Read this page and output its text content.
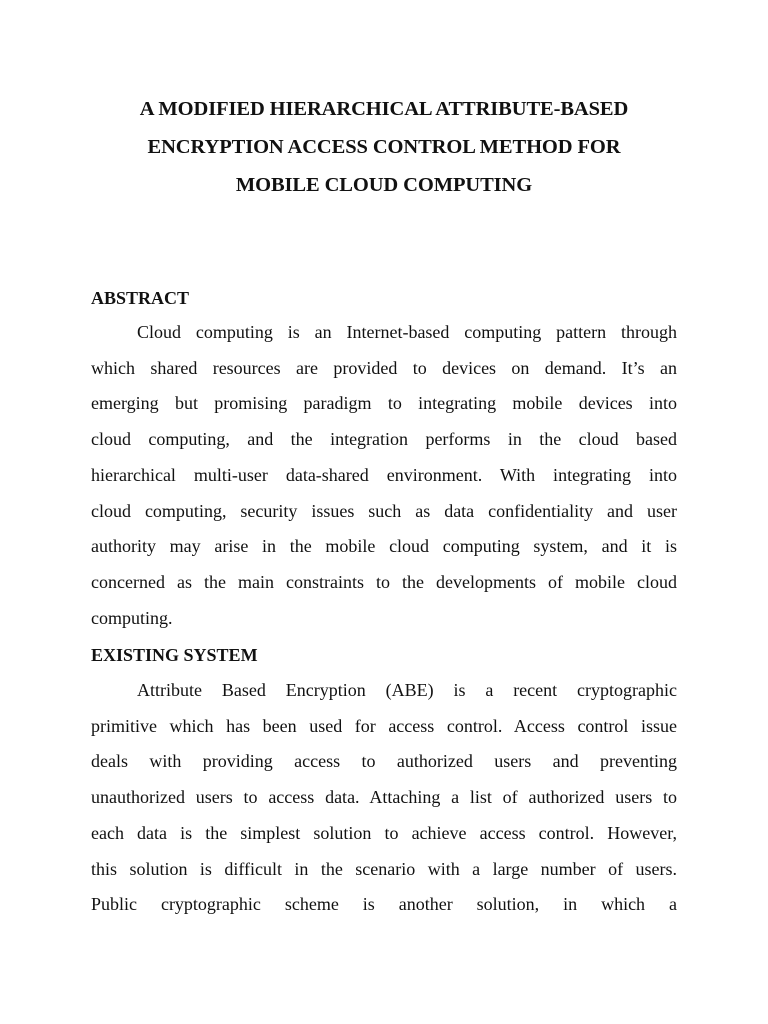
A MODIFIED HIERARCHICAL ATTRIBUTE-BASED
ENCRYPTION ACCESS CONTROL METHOD FOR
MOBILE CLOUD COMPUTING
ABSTRACT

Cloud computing is an Internet-based computing pattern through
which shared resources are provided to devices on demand. It’s an
emerging but promising paradigm to integrating mobile devices into
cloud computing, and the integration performs in the cloud based
hierarchical multi-user data-shared environment. With integrating into
cloud computing, security issues such as data confidentiality and user
authority may arise in the mobile cloud computing system, and it is
concerned as the main constraints to the developments of mobile cloud
computing.

EXISTING SYSTEM

Attribute Based Encryption (ABE) is a recent cryptographic
primitive which has been used for access control. Access control issue
deals with providing access to authorized users and preventing
unauthorized users to access data. Attaching a list of authorized users to
each data is the simplest solution to achieve access control. However,
this solution is difficult in the scenario with a large number of users.
Public cryptographic scheme is another solution, in which a
